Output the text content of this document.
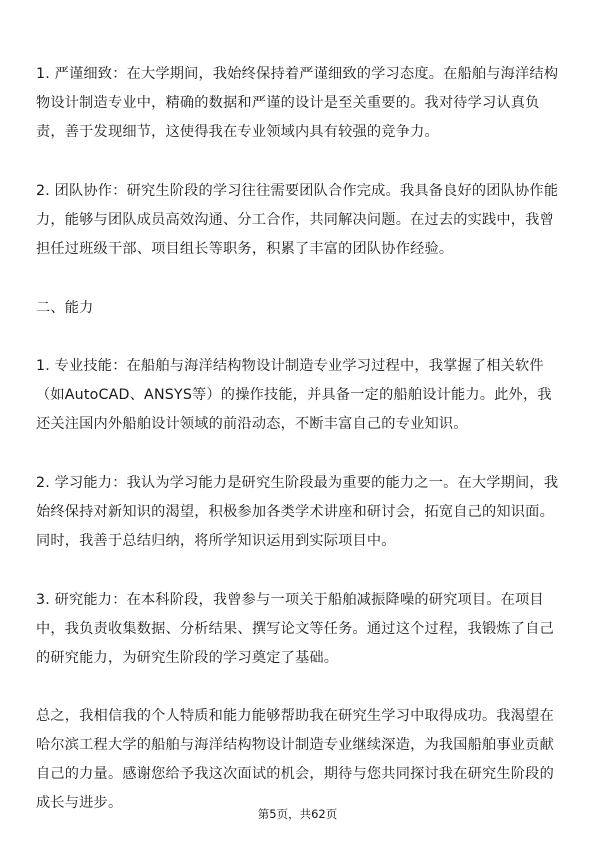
1. 严谨细致：在大学期间，我始终保持着严谨细致的学习态度。在船舶与海洋结构
物设计制造专业中，精确的数据和严谨的设计是至关重要的。我对待学习认真负
责，善于发现细节，这使得我在专业领域内具有较强的竞争力。
2. 团队协作：研究生阶段的学习往往需要团队合作完成。我具备良好的团队协作能
力，能够与团队成员高效沟通、分工合作，共同解决问题。在过去的实践中，我曾
担任过班级干部、项目组长等职务，积累了丰富的团队协作经验。
二、能力
1. 专业技能：在船舶与海洋结构物设计制造专业学习过程中，我掌握了相关软件
（如AutoCAD、ANSYS等）的操作技能，并具备一定的船舶设计能力。此外，我
还关注国内外船舶设计领域的前沿动态，不断丰富自己的专业知识。
2. 学习能力：我认为学习能力是研究生阶段最为重要的能力之一。在大学期间，我
始终保持对新知识的渴望，积极参加各类学术讲座和研讨会，拓宽自己的知识面。
同时，我善于总结归纳，将所学知识运用到实际项目中。
3. 研究能力：在本科阶段，我曾参与一项关于船舶减振降噪的研究项目。在项目
中，我负责收集数据、分析结果、撰写论文等任务。通过这个过程，我锻炼了自己
的研究能力，为研究生阶段的学习奠定了基础。
总之，我相信我的个人特质和能力能够帮助我在研究生学习中取得成功。我渴望在
哈尔滨工程大学的船舶与海洋结构物设计制造专业继续深造，为我国船舶事业贡献
自己的力量。感谢您给予我这次面试的机会，期待与您共同探讨我在研究生阶段的
成长与进步。
第5页，共62页
